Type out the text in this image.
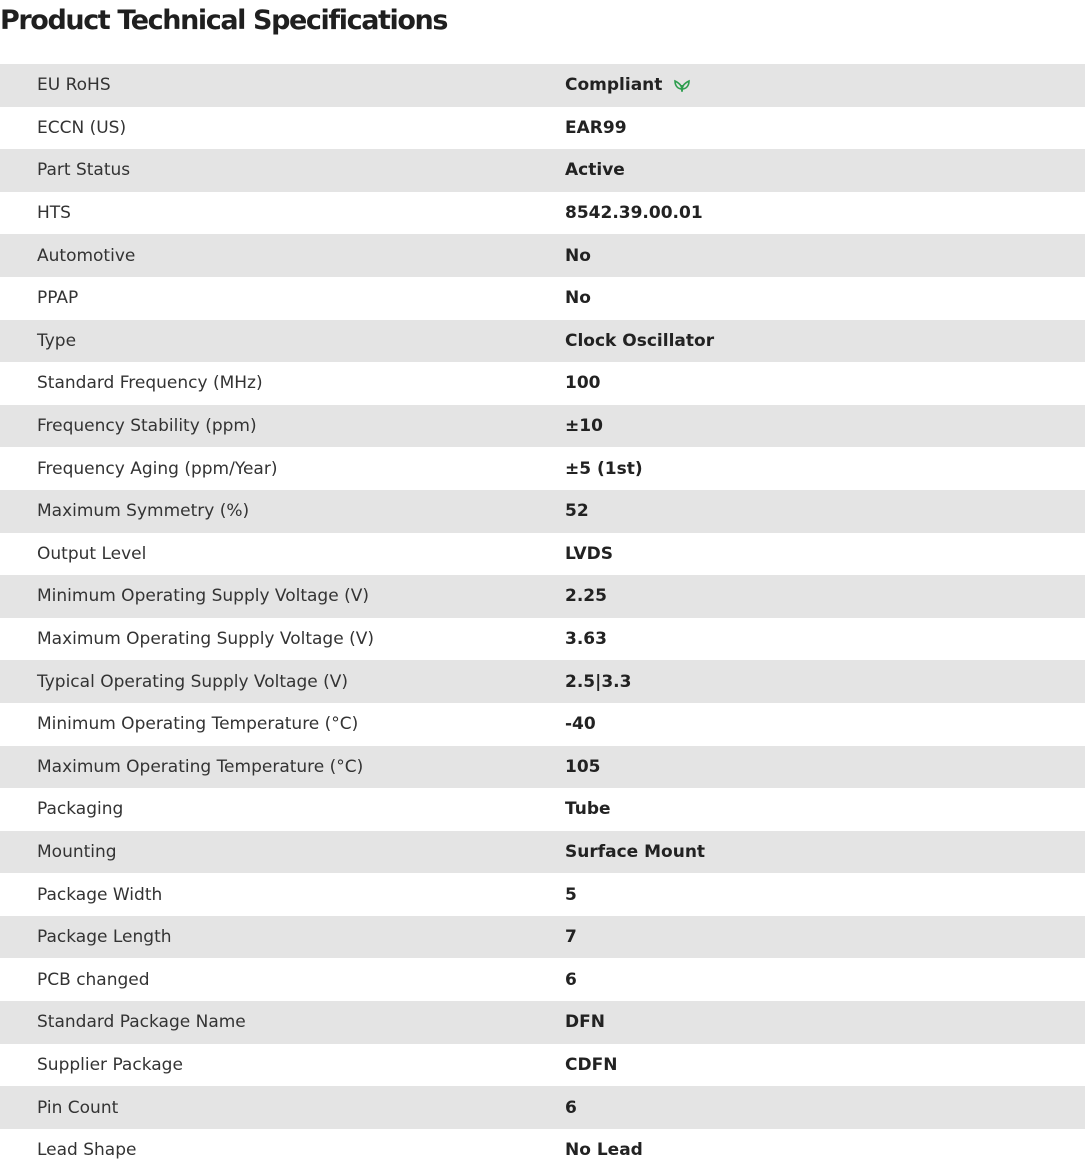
Product Technical Specifications
EU RoHS	Compliant
ECCN (US)	EAR99
Part Status	Active
HTS	8542.39.00.01
Automotive	No
PPAP	No
Type	Clock Oscillator
Standard Frequency (MHz)	100
Frequency Stability (ppm)	±10
Frequency Aging (ppm/Year)	±5 (1st)
Maximum Symmetry (%)	52
Output Level	LVDS
Minimum Operating Supply Voltage (V)	2.25
Maximum Operating Supply Voltage (V)	3.63
Typical Operating Supply Voltage (V)	2.5|3.3
Minimum Operating Temperature (°C)	-40
Maximum Operating Temperature (°C)	105
Packaging	Tube
Mounting	Surface Mount
Package Width	5
Package Length	7
PCB changed	6
Standard Package Name	DFN
Supplier Package	CDFN
Pin Count	6
Lead Shape	No Lead
